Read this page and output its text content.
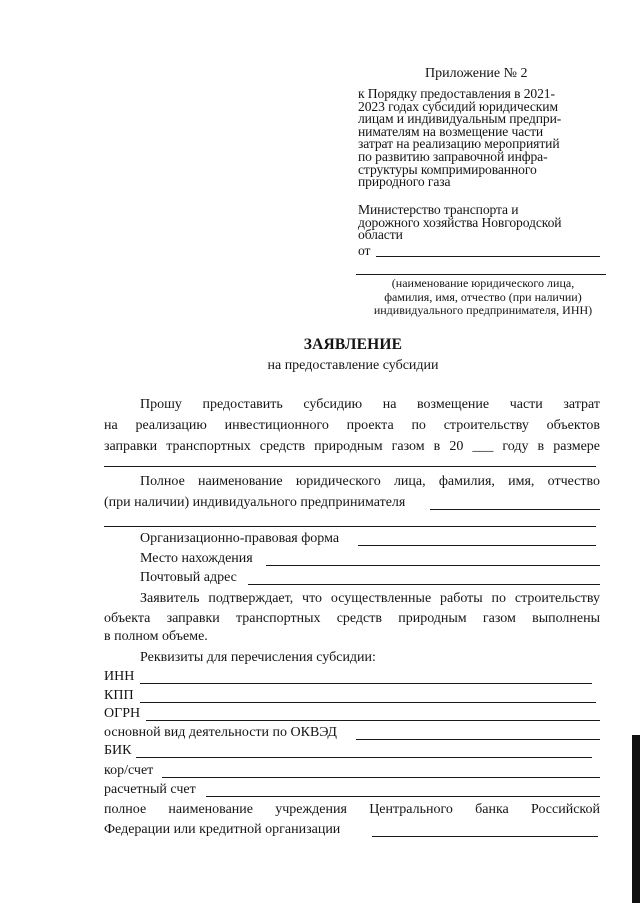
Приложение № 2
к Порядку предоставления в 2021-
2023 годах субсидий юридическим
лицам и индивидуальным предпри-
нимателям на возмещение части
затрат на реализацию мероприятий
по развитию заправочной инфра-
структуры компримированного
природного газа
Министерство транспорта и
дорожного хозяйства Новгородской
области
от
(наименование юридического лица,
фамилия, имя, отчество (при наличии)
индивидуального предпринимателя, ИНН)
ЗАЯВЛЕНИЕ
на предоставление субсидии
Прошу предоставить субсидию на возмещение части затрат
на реализацию инвестиционного проекта по строительству объектов
заправки транспортных средств природным газом в 20 ___ году в размере
Полное наименование юридического лица, фамилия, имя, отчество
(при наличии) индивидуального предпринимателя
Организационно-правовая форма
Место нахождения
Почтовый адрес
Заявитель подтверждает, что осуществленные работы по строительству
объекта заправки транспортных средств природным газом выполнены
в полном объеме.
Реквизиты для перечисления субсидии:
ИНН
КПП
ОГРН
основной вид деятельности по ОКВЭД
БИК
кор/счет
расчетный счет
полное наименование учреждения Центрального банка Российской
Федерации или кредитной организации
